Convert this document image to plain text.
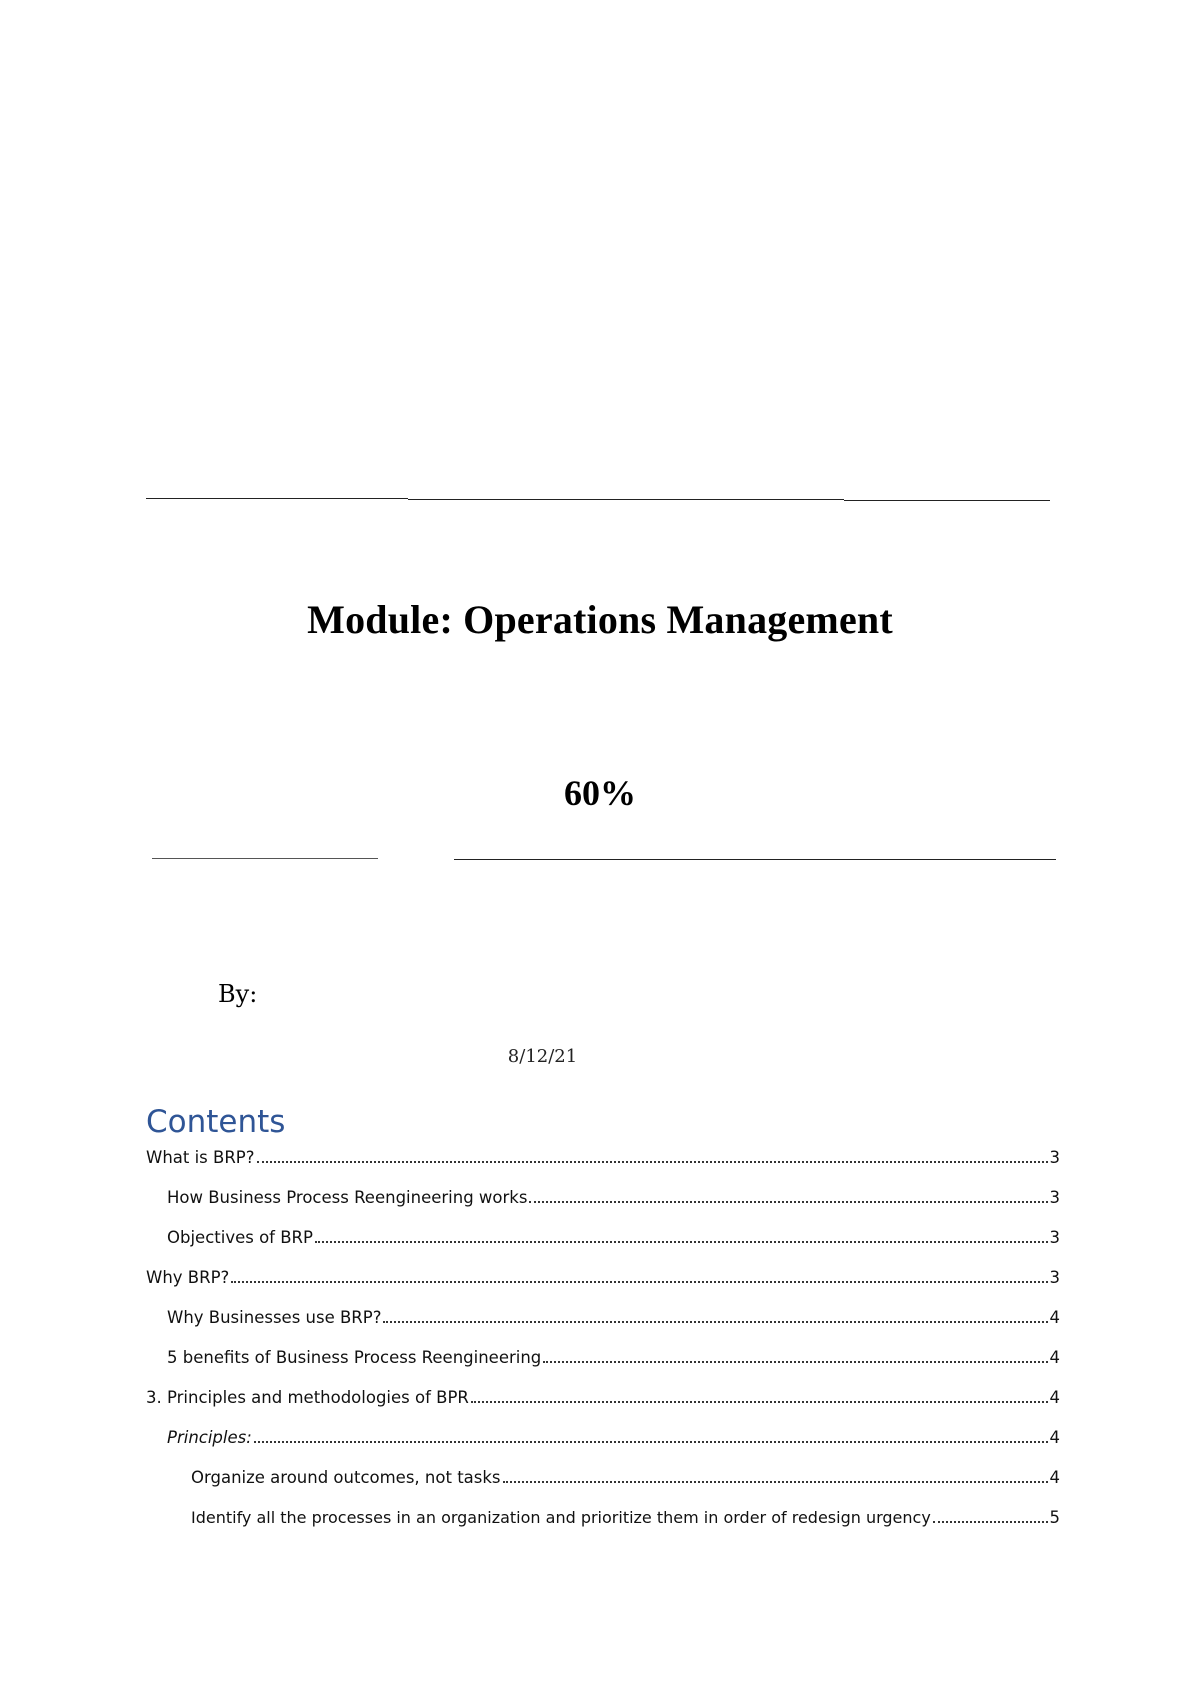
Module: Operations Management
60%
By:
8/12/21
Contents
What is BRP?	3
How Business Process Reengineering works	3
Objectives of BRP	3
Why BRP?	3
Why Businesses use BRP?	4
5 benefits of Business Process Reengineering	4
3. Principles and methodologies of BPR	4
Principles:	4
Organize around outcomes, not tasks	4
Identify all the processes in an organization and prioritize them in order of redesign urgency	5
